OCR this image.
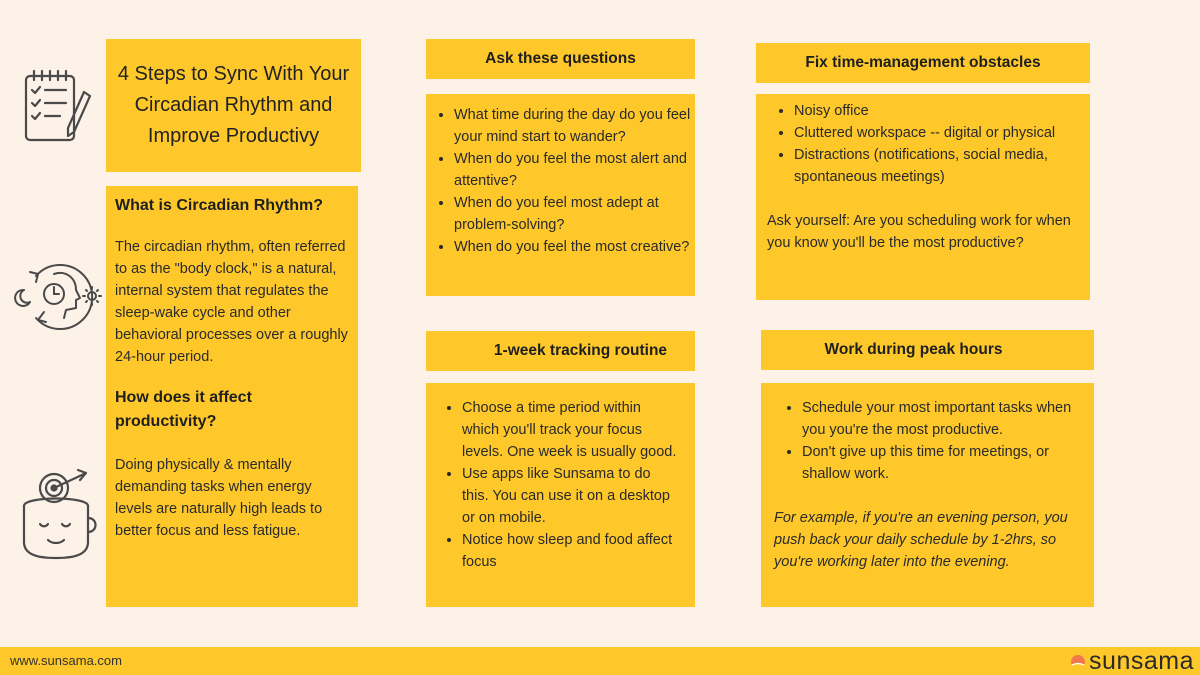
4 Steps to Sync With Your Circadian Rhythm and Improve Productivy

What is Circadian Rhythm?

The circadian rhythm, often referred to as the "body clock," is a natural, internal system that regulates the sleep-wake cycle and other behavioral processes over a roughly 24-hour period.

How does it affect productivity?

Doing physically & mentally demanding tasks when energy levels are naturally high leads to better focus and less fatigue.

Ask these questions
• What time during the day do you feel your mind start to wander?
• When do you feel the most alert and attentive?
• When do you feel most adept at problem-solving?
• When do you feel the most creative?
Fix time-management obstacles
• Noisy office
• Cluttered workspace -- digital or physical
• Distractions (notifications, social media, spontaneous meetings)

Ask yourself: Are you scheduling work for when you know you'll be the most productive?

1-week tracking routine
• Choose a time period within which you'll track your focus levels. One week is usually good.
• Use apps like Sunsama to do this. You can use it on a desktop or on mobile.
• Notice how sleep and food affect focus
Work during peak hours
• Schedule your most important tasks when you you're the most productive.
• Don't give up this time for meetings, or shallow work.

For example, if you're an evening person, you push back your daily schedule by 1-2hrs, so you're working later into the evening.

www.sunsama.com	sunsama
